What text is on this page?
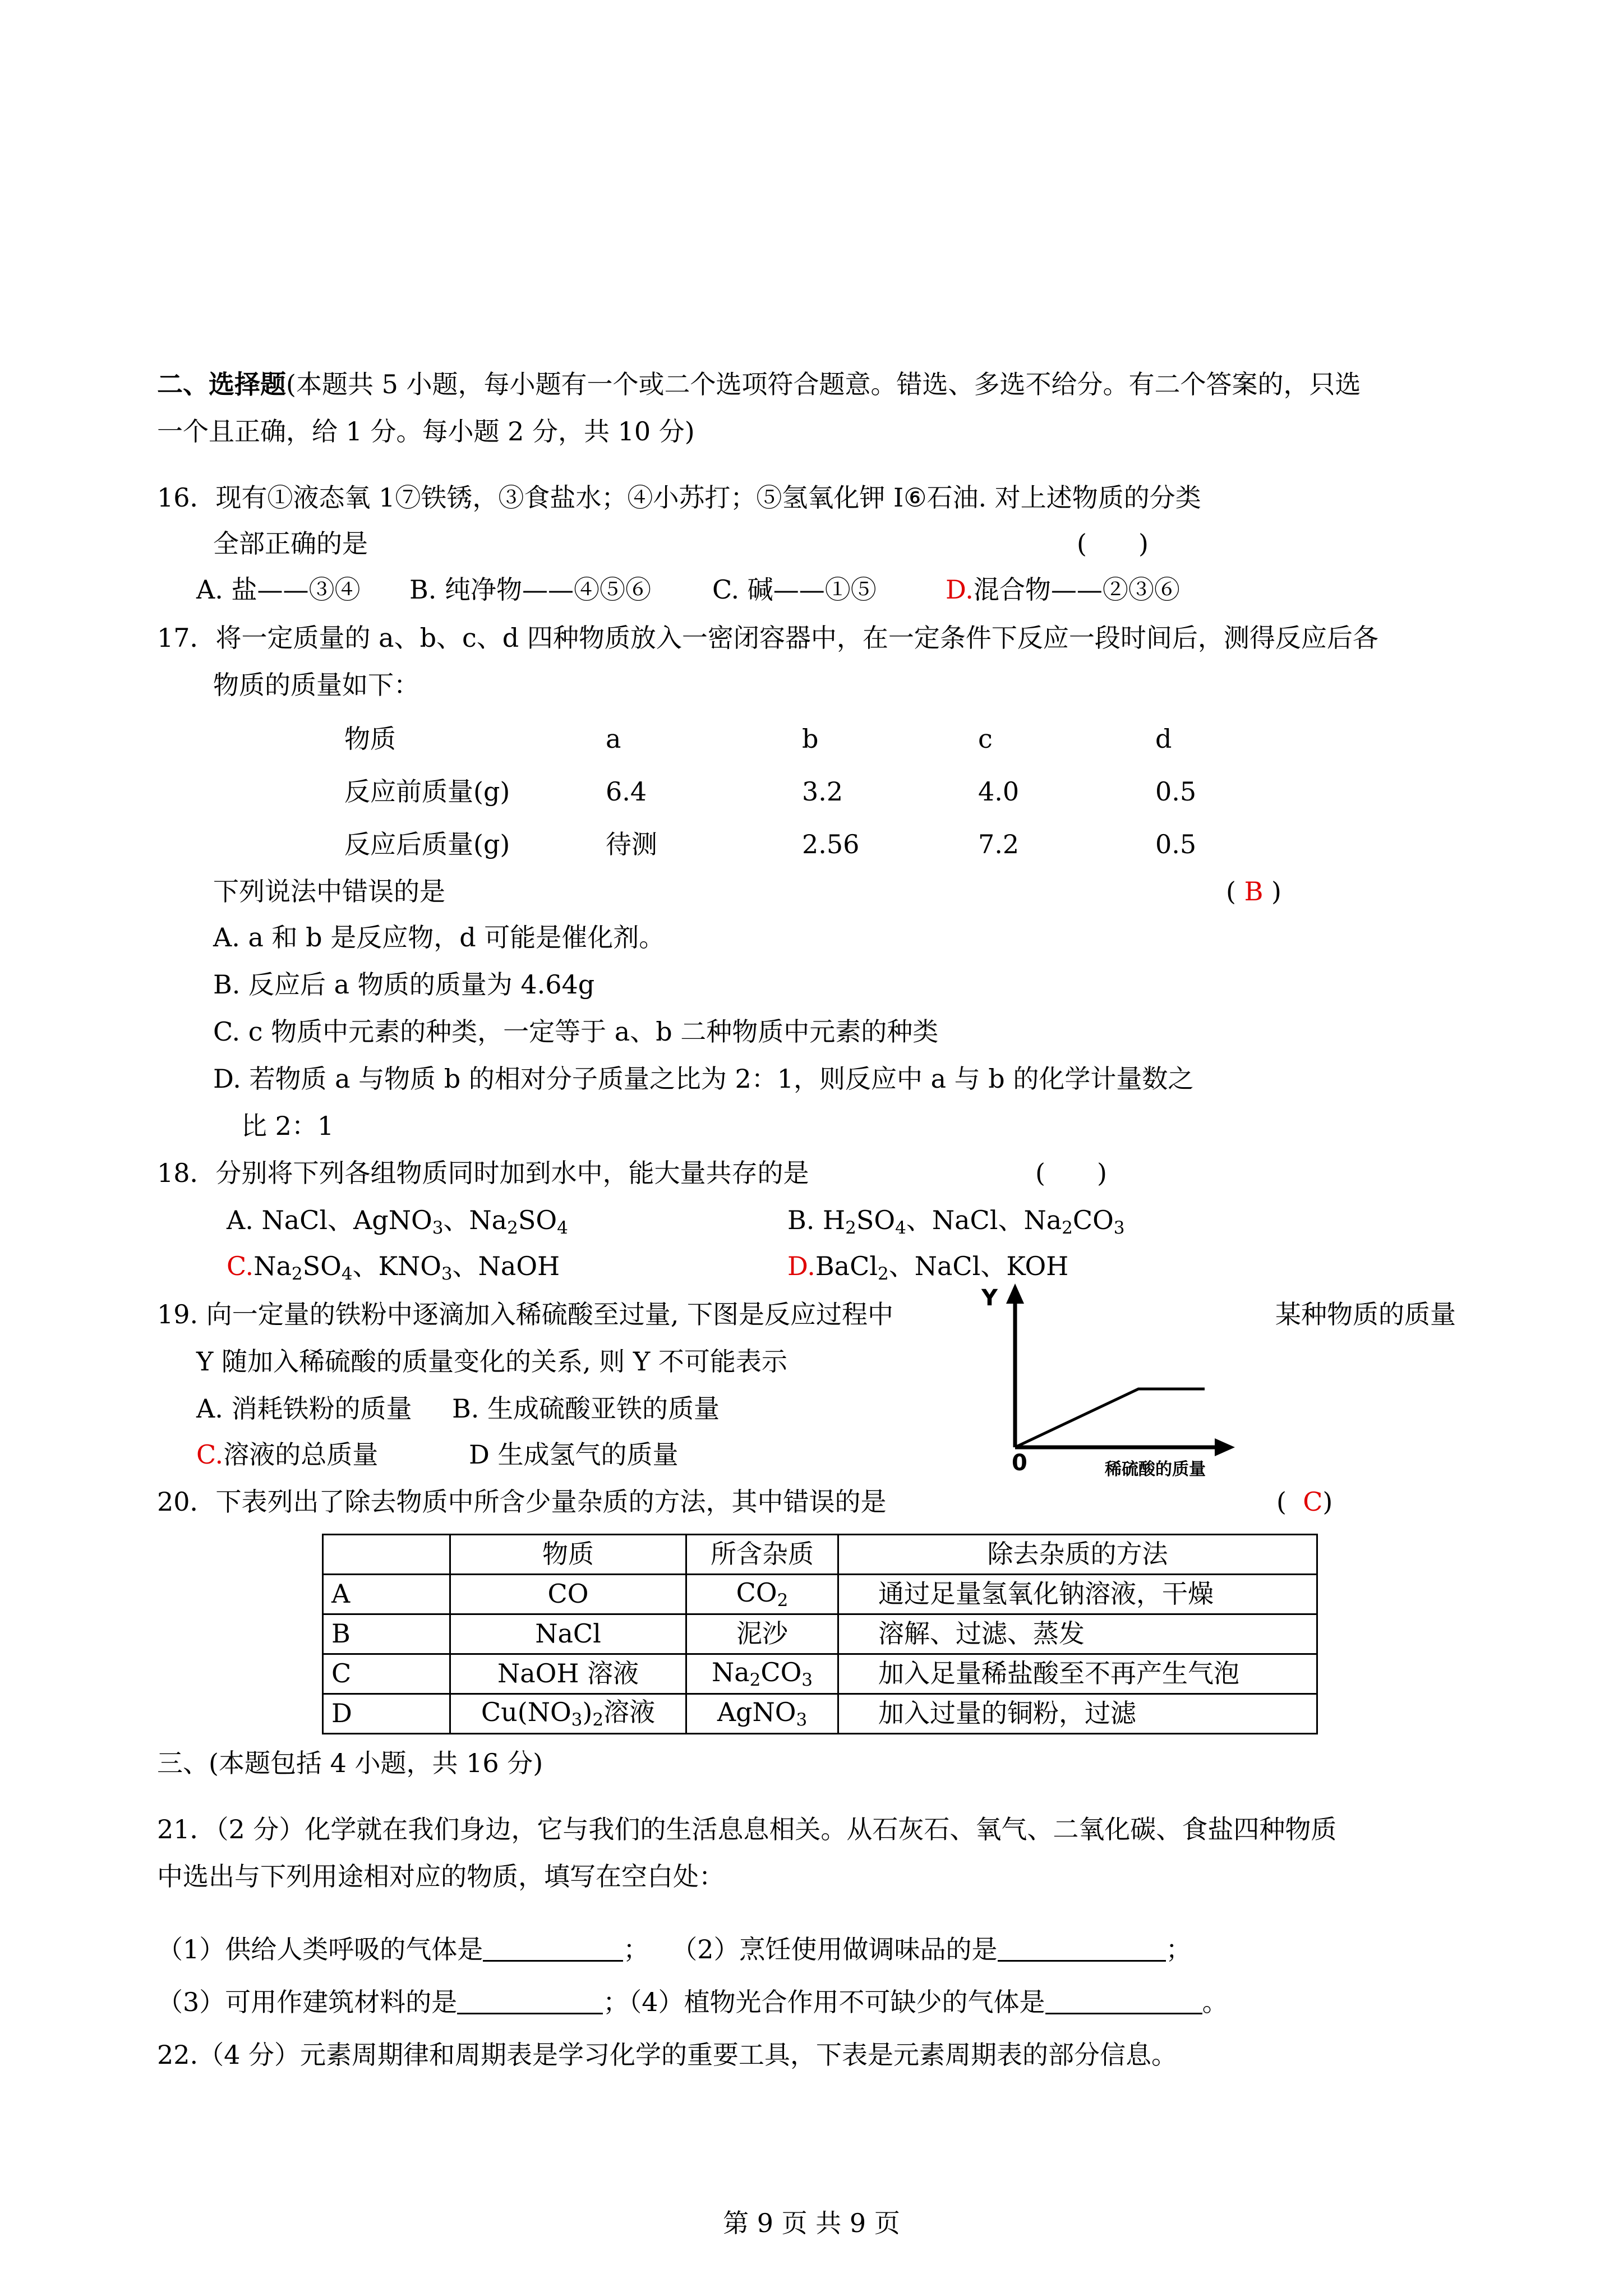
二、选择题(本题共 5 小题，每小题有一个或二个选项符合题意。错选、多选不给分。有二个答案的，只选
一个且正确，给 1 分。每小题 2 分，共 10 分)
16．现有①液态氧 1⑦铁锈，③食盐水；④小苏打；⑤氢氧化钾 I⑥石油. 对上述物质的分类
全部正确的是	(　　)
A. 盐——③④ B. 纯净物——④⑤⑥ C. 碱——①⑤	D.混合物——②③⑥
17．将一定质量的 a、b、c、d 四种物质放入一密闭容器中，在一定条件下反应一段时间后，测得反应后各
物质的质量如下：
物质	a	b	c	d
反应前质量(g)	6.4	3.2	4.0	0.5
反应后质量(g)	待测	2.56	7.2	0.5
下列说法中错误的是	( B )
A. a 和 b 是反应物，d 可能是催化剂。
B. 反应后 a 物质的质量为 4.64g
C. c 物质中元素的种类，一定等于 a、b 二种物质中元素的种类
D. 若物质 a 与物质 b 的相对分子质量之比为 2：1，则反应中 a 与 b 的化学计量数之
比 2：1
18．分别将下列各组物质同时加到水中，能大量共存的是	(　　)
A. NaCl、AgNO$_3$、$Na_2SO_4$	B. $H_2SO_4$、NaCl、$Na_2CO_3$
$C.Na_2SO_4$、$KNO_3$、NaOH	D.BaCl$_2$、NaCl、KOH
19. 向一定量的铁粉中逐滴加入稀硫酸至过量, 下图是反应过程中	某种物质的质量
Y 随加入稀硫酸的质量变化的关系, 则 Y 不可能表示
A. 消耗铁粉的质量 B. 生成硫酸亚铁的质量
C.溶液的总质量	D 生成氢气的质量
Y
0	稀硫酸的质量
20．下表列出了除去物质中所含少量杂质的方法，其中错误的是	( C)
	物质	所含杂质	除去杂质的方法
A	CO	CO2	通过足量氢氧化钠溶液，干燥
B	NaCl	泥沙	溶解、过滤、蒸发
C	NaOH 溶液	Na2CO3	加入足量稀盐酸至不再产生气泡
D	Cu(NO3)2溶液	AgNO3	加入过量的铜粉，过滤
三、(本题包括 4 小题，共 16 分)
21．（2 分）化学就在我们身边，它与我们的生活息息相关。从石灰石、氧气、二氧化碳、食盐四种物质
中选出与下列用途相对应的物质，填写在空白处：
（1）供给人类呼吸的气体是	； （2）烹饪使用做调味品的是	；
（3）可用作建筑材料的是	；（4）植物光合作用不可缺少的气体是	。
22.（4 分）元素周期律和周期表是学习化学的重要工具，下表是元素周期表的部分信息。
第 9 页 共 9 页
